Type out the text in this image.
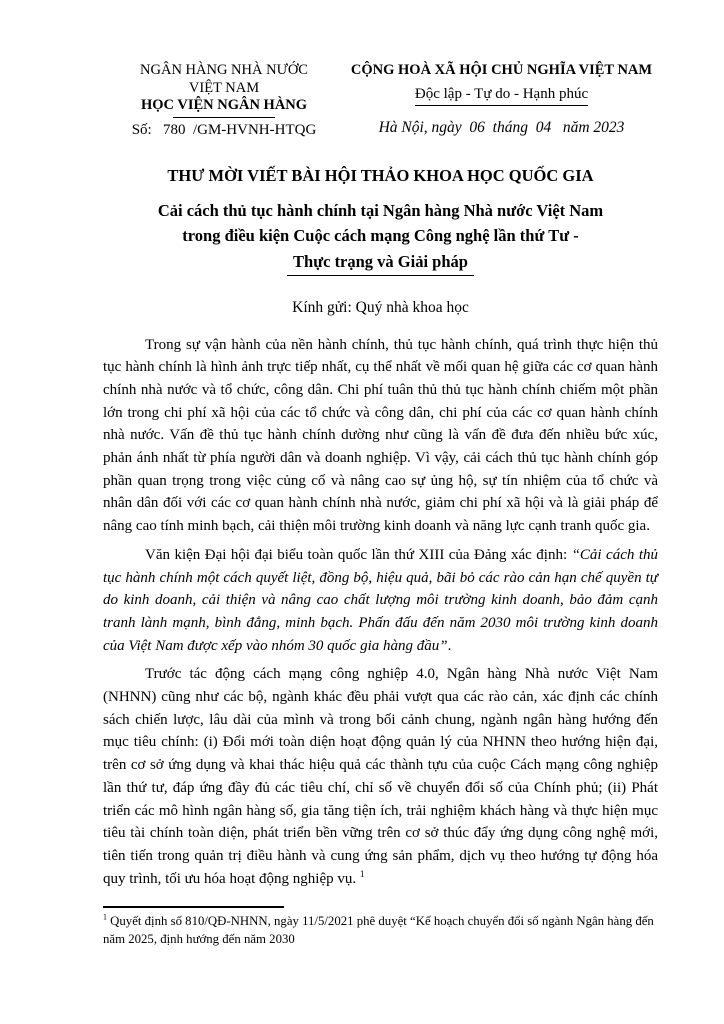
NGÂN HÀNG NHÀ NƯỚC
VIỆT NAM
HỌC VIỆN NGÂN HÀNG
Số:   780  /GM-HVNH-HTQG
CỘNG HOÀ XÃ HỘI CHỦ NGHĨA VIỆT NAM
Độc lập - Tự do - Hạnh phúc
Hà Nội, ngày  06  tháng  04   năm 2023
THƯ MỜI VIẾT BÀI HỘI THẢO KHOA HỌC QUỐC GIA
Cải cách thủ tục hành chính tại Ngân hàng Nhà nước Việt Nam
trong điều kiện Cuộc cách mạng Công nghệ lần thứ Tư -
Thực trạng và Giải pháp
Kính gửi: Quý nhà khoa học

Trong sự vận hành của nền hành chính, thủ tục hành chính, quá trình thực hiện thủ tục hành chính là hình ảnh trực tiếp nhất, cụ thể nhất về mối quan hệ giữa các cơ quan hành chính nhà nước và tổ chức, công dân. Chi phí tuân thủ thủ tục hành chính chiếm một phần lớn trong chi phí xã hội của các tổ chức và công dân, chi phí của các cơ quan hành chính nhà nước. Vấn đề thủ tục hành chính dường như cũng là vấn đề đưa đến nhiều bức xúc, phản ánh nhất từ phía người dân và doanh nghiệp. Vì vậy, cải cách thủ tục hành chính góp phần quan trọng trong việc củng cố và nâng cao sự ủng hộ, sự tín nhiệm của tổ chức và nhân dân đối với các cơ quan hành chính nhà nước, giảm chi phí xã hội và là giải pháp để nâng cao tính minh bạch, cải thiện môi trường kinh doanh và năng lực cạnh tranh quốc gia.

Văn kiện Đại hội đại biểu toàn quốc lần thứ XIII của Đảng xác định: “Cải cách thủ tục hành chính một cách quyết liệt, đồng bộ, hiệu quả, bãi bỏ các rào cản hạn chế quyền tự do kinh doanh, cải thiện và nâng cao chất lượng môi trường kinh doanh, bảo đảm cạnh tranh lành mạnh, bình đẳng, minh bạch. Phấn đấu đến năm 2030 môi trường kinh doanh của Việt Nam được xếp vào nhóm 30 quốc gia hàng đầu”.

Trước tác động cách mạng công nghiệp 4.0, Ngân hàng Nhà nước Việt Nam (NHNN) cũng như các bộ, ngành khác đều phải vượt qua các rào cản, xác định các chính sách chiến lược, lâu dài của mình và trong bối cảnh chung, ngành ngân hàng hướng đến mục tiêu chính: (i) Đổi mới toàn diện hoạt động quản lý của NHNN theo hướng hiện đại, trên cơ sở ứng dụng và khai thác hiệu quả các thành tựu của cuộc Cách mạng công nghiệp lần thứ tư, đáp ứng đầy đủ các tiêu chí, chỉ số về chuyển đổi số của Chính phủ; (ii) Phát triển các mô hình ngân hàng số, gia tăng tiện ích, trải nghiệm khách hàng và thực hiện mục tiêu tài chính toàn diện, phát triển bền vững trên cơ sở thúc đẩy ứng dụng công nghệ mới, tiên tiến trong quản trị điều hành và cung ứng sản phẩm, dịch vụ theo hướng tự động hóa quy trình, tối ưu hóa hoạt động nghiệp vụ. $^1$

$^1$ Quyết định số 810/QĐ-NHNN, ngày 11/5/2021 phê duyệt “Kế hoạch chuyển đổi số ngành Ngân hàng đến năm 2025, định hướng đến năm 2030
